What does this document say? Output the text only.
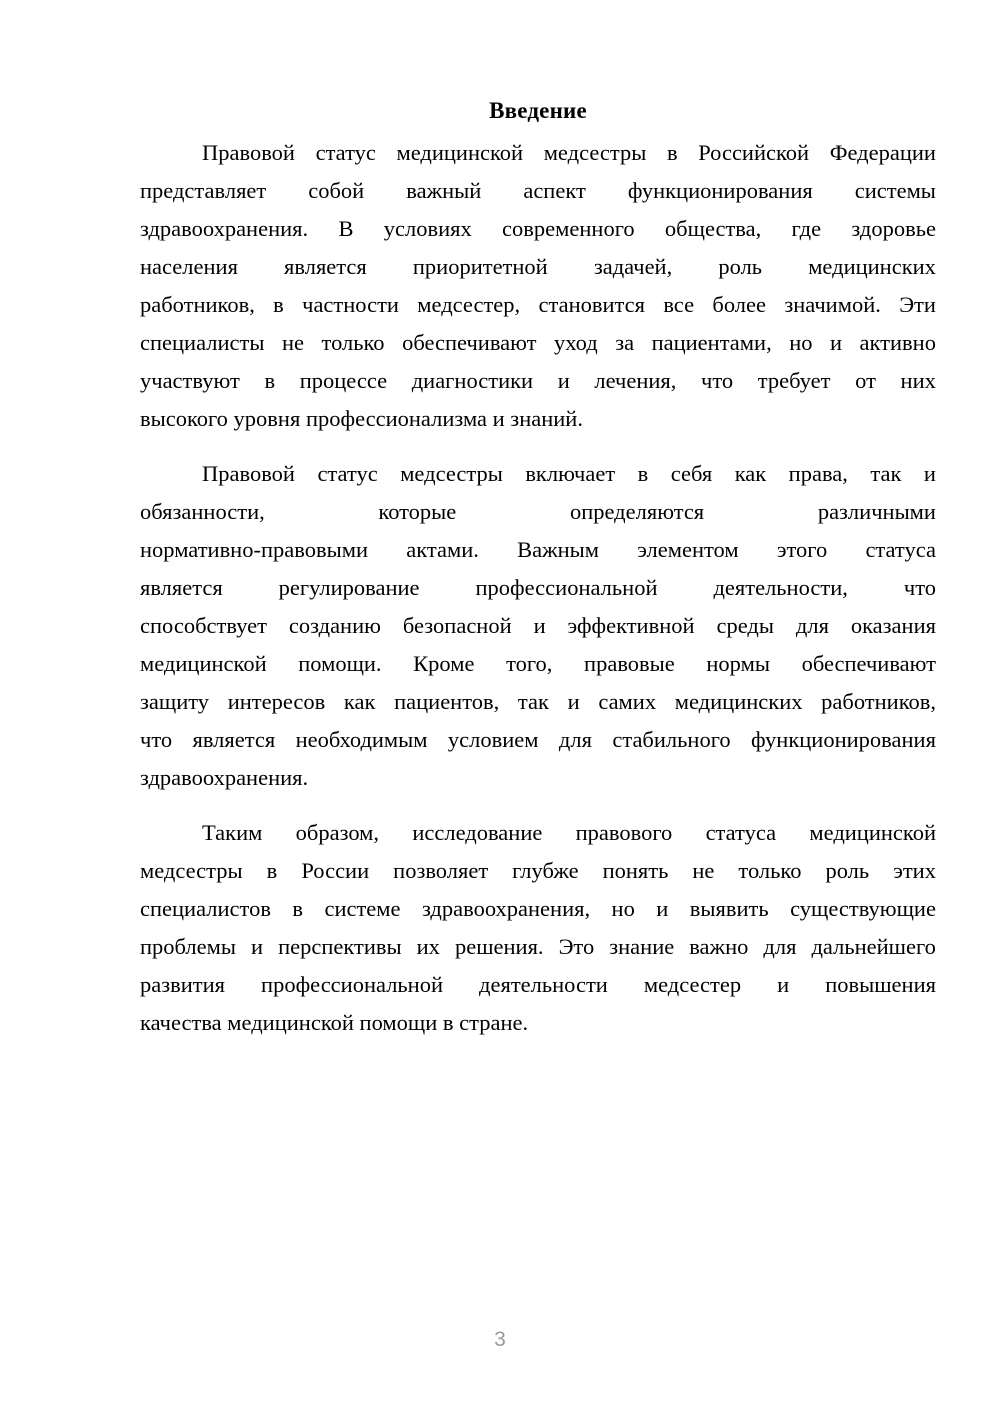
Введение
Правовой статус медицинской медсестры в Российской Федерации
представляет собой важный аспект функционирования системы
здравоохранения. В условиях современного общества, где здоровье
населения является приоритетной задачей, роль медицинских
работников, в частности медсестер, становится все более значимой. Эти
специалисты не только обеспечивают уход за пациентами, но и активно
участвуют в процессе диагностики и лечения, что требует от них
высокого уровня профессионализма и знаний.
Правовой статус медсестры включает в себя как права, так и
обязанности,	которые	определяются	различными
нормативно-правовыми актами. Важным элементом этого статуса
является регулирование профессиональной деятельности, что
способствует созданию безопасной и эффективной среды для оказания
медицинской помощи. Кроме того, правовые нормы обеспечивают
защиту интересов как пациентов, так и самих медицинских работников,
что является необходимым условием для стабильного функционирования
здравоохранения.
Таким образом, исследование правового статуса медицинской
медсестры в России позволяет глубже понять не только роль этих
специалистов в системе здравоохранения, но и выявить существующие
проблемы и перспективы их решения. Это знание важно для дальнейшего
развития профессиональной деятельности медсестер и повышения
качества медицинской помощи в стране.
3
